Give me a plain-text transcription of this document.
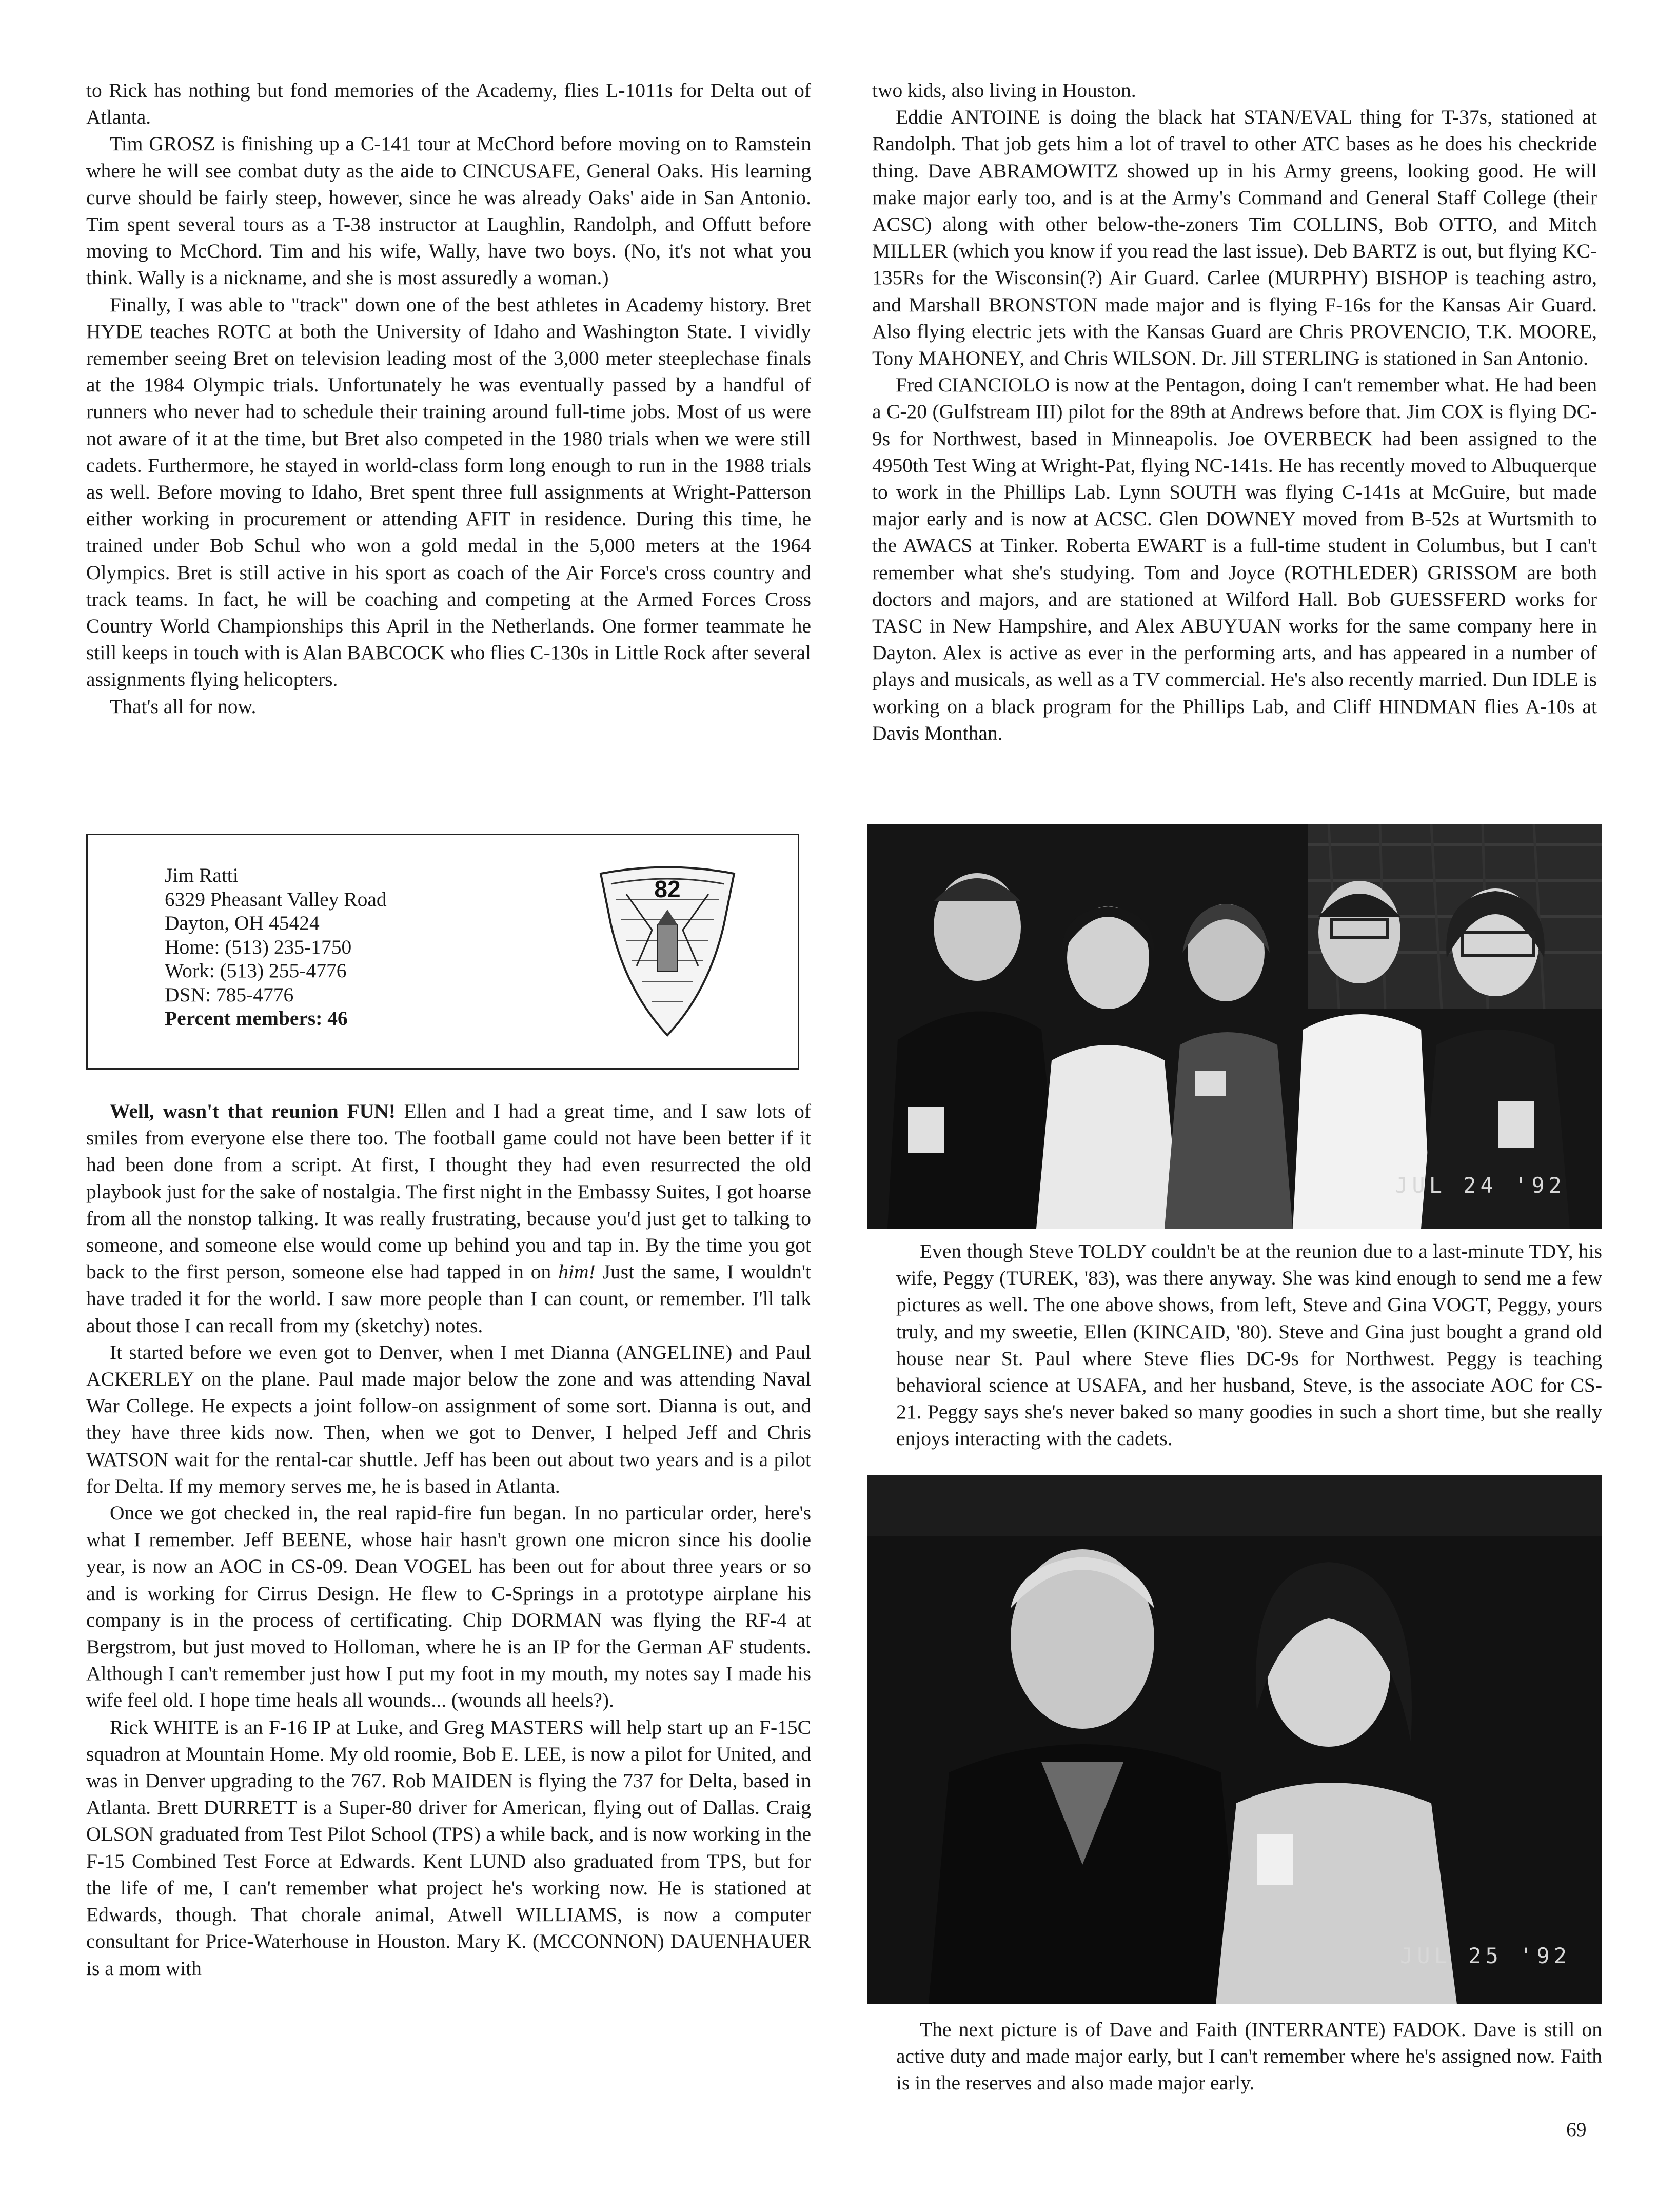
to Rick has nothing but fond memories of the Academy, flies L-1011s for Delta out of Atlanta.

Tim GROSZ is finishing up a C-141 tour at McChord before moving on to Ramstein where he will see combat duty as the aide to CINCUSAFE, General Oaks. His learning curve should be fairly steep, however, since he was already Oaks' aide in San Antonio. Tim spent several tours as a T-38 instructor at Laughlin, Randolph, and Offutt before moving to McChord. Tim and his wife, Wally, have two boys. (No, it's not what you think. Wally is a nickname, and she is most assuredly a woman.)

Finally, I was able to "track" down one of the best athletes in Academy history. Bret HYDE teaches ROTC at both the University of Idaho and Washington State. I vividly remember seeing Bret on television leading most of the 3,000 meter steeplechase finals at the 1984 Olympic trials. Unfortunately he was eventually passed by a handful of runners who never had to schedule their training around full-time jobs. Most of us were not aware of it at the time, but Bret also competed in the 1980 trials when we were still cadets. Furthermore, he stayed in world-class form long enough to run in the 1988 trials as well. Before moving to Idaho, Bret spent three full assignments at Wright-Patterson either working in procurement or attending AFIT in residence. During this time, he trained under Bob Schul who won a gold medal in the 5,000 meters at the 1964 Olympics. Bret is still active in his sport as coach of the Air Force's cross country and track teams. In fact, he will be coaching and competing at the Armed Forces Cross Country World Championships this April in the Netherlands. One former teammate he still keeps in touch with is Alan BABCOCK who flies C-130s in Little Rock after several assignments flying helicopters.

That's all for now.

two kids, also living in Houston.

Eddie ANTOINE is doing the black hat STAN/EVAL thing for T-37s, stationed at Randolph. That job gets him a lot of travel to other ATC bases as he does his checkride thing. Dave ABRAMOWITZ showed up in his Army greens, looking good. He will make major early too, and is at the Army's Command and General Staff College (their ACSC) along with other below-the-zoners Tim COLLINS, Bob OTTO, and Mitch MILLER (which you know if you read the last issue). Deb BARTZ is out, but flying KC-135Rs for the Wisconsin(?) Air Guard. Carlee (MURPHY) BISHOP is teaching astro, and Marshall BRONSTON made major and is flying F-16s for the Kansas Air Guard. Also flying electric jets with the Kansas Guard are Chris PROVENCIO, T.K. MOORE, Tony MAHONEY, and Chris WILSON. Dr. Jill STERLING is stationed in San Antonio.

Fred CIANCIOLO is now at the Pentagon, doing I can't remember what. He had been a C-20 (Gulfstream III) pilot for the 89th at Andrews before that. Jim COX is flying DC-9s for Northwest, based in Minneapolis. Joe OVERBECK had been assigned to the 4950th Test Wing at Wright-Pat, flying NC-141s. He has recently moved to Albuquerque to work in the Phillips Lab. Lynn SOUTH was flying C-141s at McGuire, but made major early and is now at ACSC. Glen DOWNEY moved from B-52s at Wurtsmith to the AWACS at Tinker. Roberta EWART is a full-time student in Columbus, but I can't remember what she's studying. Tom and Joyce (ROTHLEDER) GRISSOM are both doctors and majors, and are stationed at Wilford Hall. Bob GUESSFERD works for TASC in New Hampshire, and Alex ABUYUAN works for the same company here in Dayton. Alex is active as ever in the performing arts, and has appeared in a number of plays and musicals, as well as a TV commercial. He's also recently married. Dun IDLE is working on a black program for the Phillips Lab, and Cliff HINDMAN flies A-10s at Davis Monthan.

Jim Ratti
6329 Pheasant Valley Road
Dayton, OH 45424
Home: (513) 235-1750
Work: (513) 255-4776
DSN: 785-4776
Percent members: 46
82

Well, wasn't that reunion FUN! Ellen and I had a great time, and I saw lots of smiles from everyone else there too. The football game could not have been better if it had been done from a script. At first, I thought they had even resurrected the old playbook just for the sake of nostalgia. The first night in the Embassy Suites, I got hoarse from all the nonstop talking. It was really frustrating, because you'd just get to talking to someone, and someone else would come up behind you and tap in. By the time you got back to the first person, someone else had tapped in on him! Just the same, I wouldn't have traded it for the world. I saw more people than I can count, or remember. I'll talk about those I can recall from my (sketchy) notes.

It started before we even got to Denver, when I met Dianna (ANGELINE) and Paul ACKERLEY on the plane. Paul made major below the zone and was attending Naval War College. He expects a joint follow-on assignment of some sort. Dianna is out, and they have three kids now. Then, when we got to Denver, I helped Jeff and Chris WATSON wait for the rental-car shuttle. Jeff has been out about two years and is a pilot for Delta. If my memory serves me, he is based in Atlanta.

Once we got checked in, the real rapid-fire fun began. In no particular order, here's what I remember. Jeff BEENE, whose hair hasn't grown one micron since his doolie year, is now an AOC in CS-09. Dean VOGEL has been out for about three years or so and is working for Cirrus Design. He flew to C-Springs in a prototype airplane his company is in the process of certificating. Chip DORMAN was flying the RF-4 at Bergstrom, but just moved to Holloman, where he is an IP for the German AF students. Although I can't remember just how I put my foot in my mouth, my notes say I made his wife feel old. I hope time heals all wounds... (wounds all heels?).

Rick WHITE is an F-16 IP at Luke, and Greg MASTERS will help start up an F-15C squadron at Mountain Home. My old roomie, Bob E. LEE, is now a pilot for United, and was in Denver upgrading to the 767. Rob MAIDEN is flying the 737 for Delta, based in Atlanta. Brett DURRETT is a Super-80 driver for American, flying out of Dallas. Craig OLSON graduated from Test Pilot School (TPS) a while back, and is now working in the F-15 Combined Test Force at Edwards. Kent LUND also graduated from TPS, but for the life of me, I can't remember what project he's working now. He is stationed at Edwards, though. That chorale animal, Atwell WILLIAMS, is now a computer consultant for Price-Waterhouse in Houston. Mary K. (MCCONNON) DAUENHAUER is a mom with

JUL 24 '92

Even though Steve TOLDY couldn't be at the reunion due to a last-minute TDY, his wife, Peggy (TUREK, '83), was there anyway. She was kind enough to send me a few pictures as well. The one above shows, from left, Steve and Gina VOGT, Peggy, yours truly, and my sweetie, Ellen (KINCAID, '80). Steve and Gina just bought a grand old house near St. Paul where Steve flies DC-9s for Northwest. Peggy is teaching behavioral science at USAFA, and her husband, Steve, is the associate AOC for CS-21. Peggy says she's never baked so many goodies in such a short time, but she really enjoys interacting with the cadets.

JUL 25 '92

The next picture is of Dave and Faith (INTERRANTE) FADOK. Dave is still on active duty and made major early, but I can't remember where he's assigned now. Faith is in the reserves and also made major early.

69
